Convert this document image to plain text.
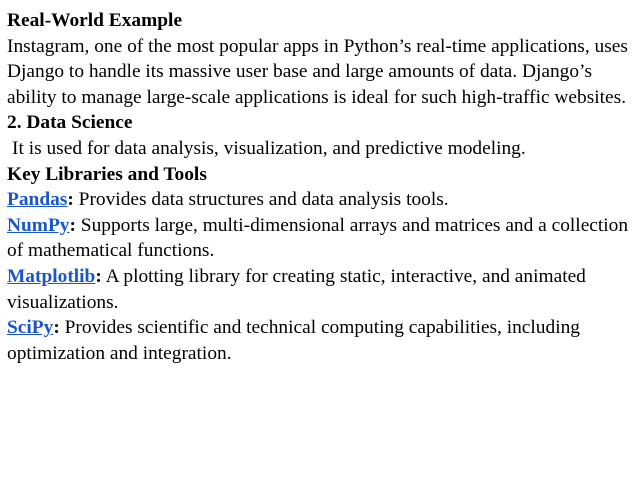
Real-World Example

Instagram, one of the most popular apps in Python’s real-time applications, uses Django to handle its massive user base and large amounts of data. Django’s ability to manage large-scale applications is ideal for such high-traffic websites.

2. Data Science

It is used for data analysis, visualization, and predictive modeling.

Key Libraries and Tools

Pandas: Provides data structures and data analysis tools.

NumPy: Supports large, multi-dimensional arrays and matrices and a collection of mathematical functions.

Matplotlib: A plotting library for creating static, interactive, and animated visualizations.

SciPy: Provides scientific and technical computing capabilities, including optimization and integration.
